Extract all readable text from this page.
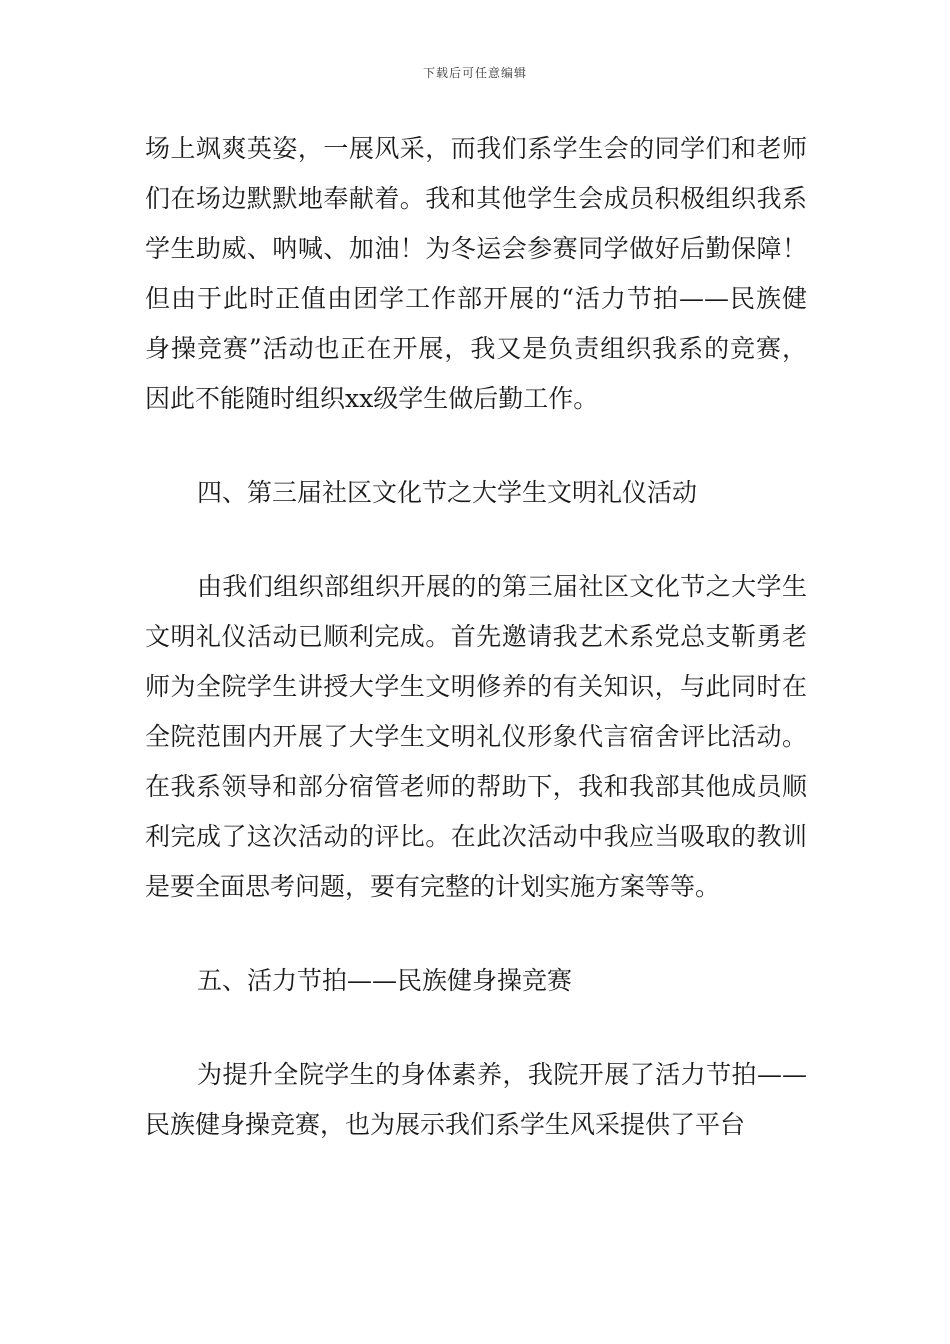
下载后可任意编辑

场上飒爽英姿，一展风采，而我们系学生会的同学们和老师们在场边默默地奉献着。我和其他学生会成员积极组织我系学生助威、呐喊、加油！为冬运会参赛同学做好后勤保障！但由于此时正值由团学工作部开展的“活力节拍——民族健身操竞赛”活动也正在开展，我又是负责组织我系的竞赛，因此不能随时组织xx级学生做后勤工作。

四、第三届社区文化节之大学生文明礼仪活动

由我们组织部组织开展的的第三届社区文化节之大学生文明礼仪活动已顺利完成。首先邀请我艺术系党总支靳勇老师为全院学生讲授大学生文明修养的有关知识，与此同时在全院范围内开展了大学生文明礼仪形象代言宿舍评比活动。在我系领导和部分宿管老师的帮助下，我和我部其他成员顺利完成了这次活动的评比。在此次活动中我应当吸取的教训是要全面思考问题，要有完整的计划实施方案等等。

五、活力节拍——民族健身操竞赛

为提升全院学生的身体素养，我院开展了活力节拍——民族健身操竞赛，也为展示我们系学生风采提供了平台
